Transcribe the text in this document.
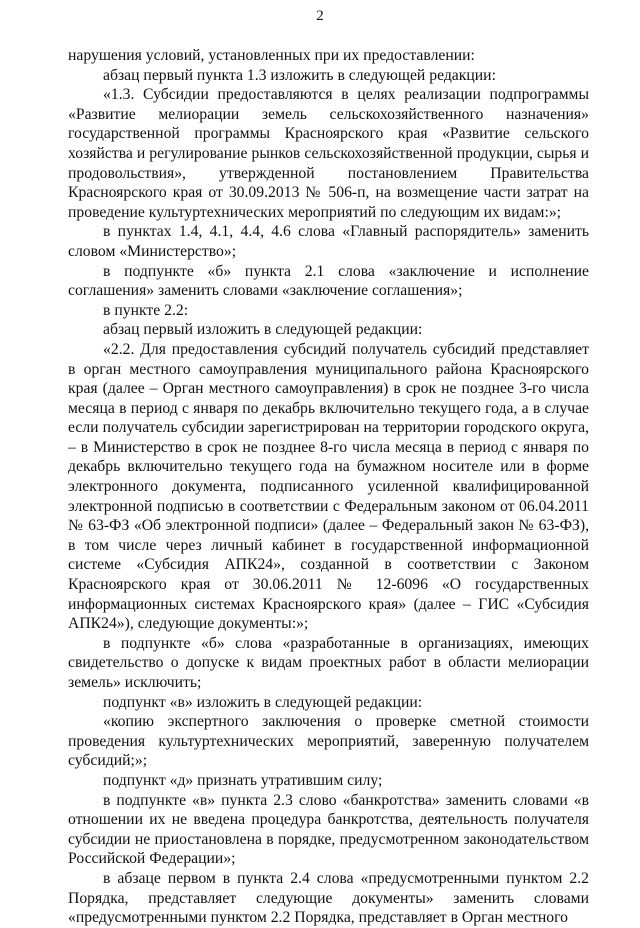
2

нарушения условий, установленных при их предоставлении:

абзац первый пункта 1.3 изложить в следующей редакции:

«1.3. Субсидии предоставляются в целях реализации подпрограммы «Развитие мелиорации земель сельскохозяйственного назначения» государственной программы Красноярского края «Развитие сельского хозяйства и регулирование рынков сельскохозяйственной продукции, сырья и продовольствия», утвержденной постановлением Правительства Красноярского края от 30.09.2013 № 506-п, на возмещение части затрат на проведение культуртехнических мероприятий по следующим их видам:»;

в пунктах 1.4, 4.1, 4.4, 4.6 слова «Главный распорядитель» заменить словом «Министерство»;

в подпункте «б» пункта 2.1 слова «заключение и исполнение соглашения» заменить словами «заключение соглашения»;

в пункте 2.2:

абзац первый изложить в следующей редакции:

«2.2. Для предоставления субсидий получатель субсидий представляет в орган местного самоуправления муниципального района Красноярского края (далее – Орган местного самоуправления) в срок не позднее 3-го числа месяца в период с января по декабрь включительно текущего года, а в случае если получатель субсидии зарегистрирован на территории городского округа, – в Министерство в срок не позднее 8-го числа месяца в период с января по декабрь включительно текущего года на бумажном носителе или в форме электронного документа, подписанного усиленной квалифицированной электронной подписью в соответствии с Федеральным законом от 06.04.2011 № 63-ФЗ «Об электронной подписи» (далее – Федеральный закон № 63-ФЗ), в том числе через личный кабинет в государственной информационной системе «Субсидия АПК24», созданной в соответствии с Законом Красноярского края от 30.06.2011 № 12-6096 «О государственных информационных системах Красноярского края» (далее – ГИС «Субсидия АПК24»), следующие документы:»;

в подпункте «б» слова «разработанные в организациях, имеющих свидетельство о допуске к видам проектных работ в области мелиорации земель» исключить;

подпункт «в» изложить в следующей редакции:

«копию экспертного заключения о проверке сметной стоимости проведения культуртехнических мероприятий, заверенную получателем субсидий;»;

подпункт «д» признать утратившим силу;

в подпункте «в» пункта 2.3 слово «банкротства» заменить словами «в отношении их не введена процедура банкротства, деятельность получателя субсидии не приостановлена в порядке, предусмотренном законодательством Российской Федерации»;

в абзаце первом в пункта 2.4 слова «предусмотренными пунктом 2.2 Порядка, представляет следующие документы» заменить словами «предусмотренными пунктом 2.2 Порядка, представляет в Орган местного
